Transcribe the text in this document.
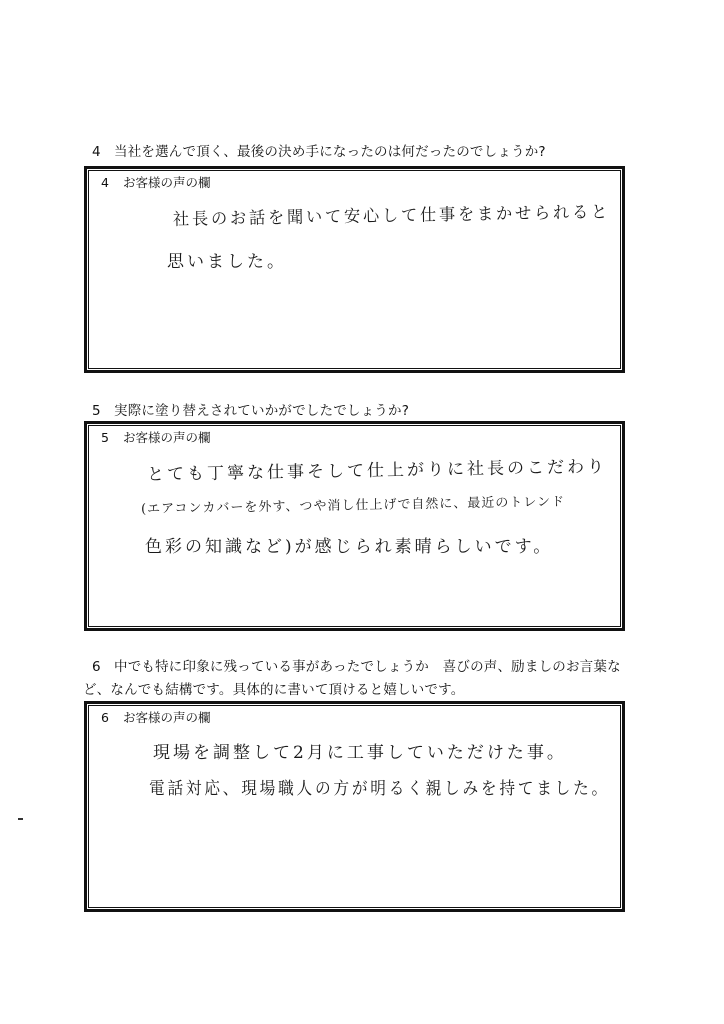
4 当社を選んで頂く、最後の決め手になったのは何だったのでしょうか?
4 お客様の声の欄
社長のお話を聞いて安心して仕事をまかせられると
思いました。
5 実際に塗り替えされていかがでしたでしょうか?
5 お客様の声の欄
とても丁寧な仕事そして仕上がりに社長のこだわり
(エアコンカバーを外す、つや消し仕上げで自然に、最近のトレンド
色彩の知識など)が感じられ素晴らしいです。
6 中でも特に印象に残っている事があったでしょうか　喜びの声、励ましのお言葉な
ど、なんでも結構です。具体的に書いて頂けると嬉しいです。
6 お客様の声の欄
現場を調整して2月に工事していただけた事。
電話対応、現場職人の方が明るく親しみを持てました。
